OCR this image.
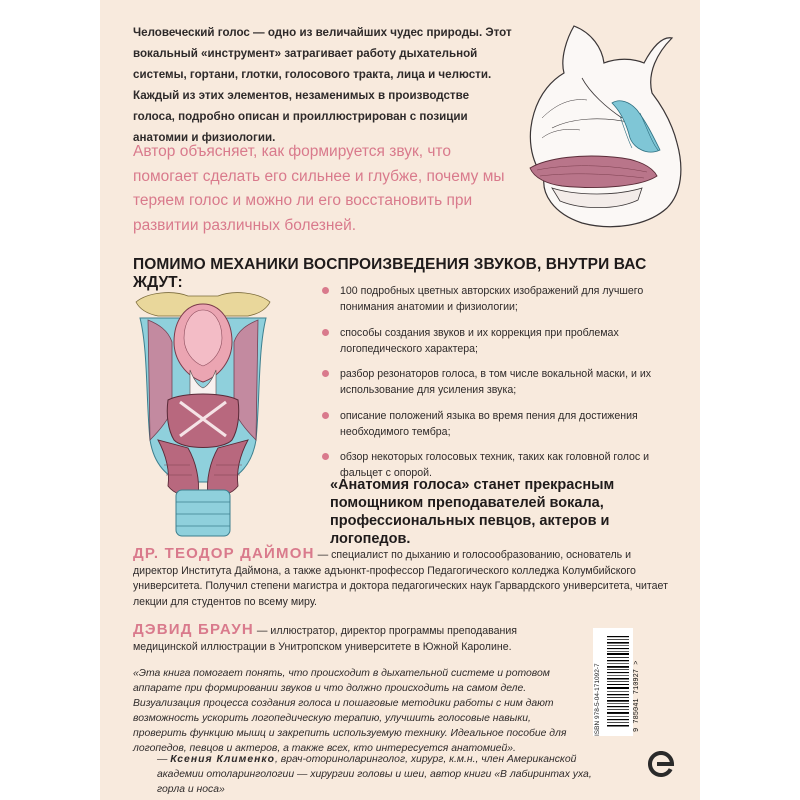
Человеческий голос — одно из величайших чудес природы. Этот вокальный «инструмент» затрагивает работу дыхательной системы, гортани, глотки, голосового тракта, лица и челюсти. Каждый из этих элементов, незаменимых в производстве голоса, подробно описан и проиллюстрирован с позиции анатомии и физиологии.
Автор объясняет, как формируется звук, что помогает сделать его сильнее и глубже, почему мы теряем голос и можно ли его восстановить при развитии различных болезней.
ПОМИМО МЕХАНИКИ ВОСПРОИЗВЕДЕНИЯ ЗВУКОВ, ВНУТРИ ВАС ЖДУТ:	100 подробных цветных авторских изображений для лучшего понимания анатомии и физиологии;
способы создания звуков и их коррекция при проблемах логопедического характера;
разбор резонаторов голоса, в том числе вокальной маски, и их использование для усиления звука;
описание положений языка во время пения для достижения необходимого тембра;
обзор некоторых голосовых техник, таких как головной голос и фальцет с опорой.
«Анатомия голоса» станет прекрасным помощником преподавателей вокала, профессиональных певцов, актеров и логопедов.
ДР. ТЕОДОР ДАЙМОН — специалист по дыханию и голосообразованию, основатель и директор Института Даймона, а также адъюнкт-профессор Педагогического колледжа Колумбийского университета. Получил степени магистра и доктора педагогических наук Гарвардского университета, читает лекции для студентов по всему миру.
ДЭВИД БРАУН — иллюстратор, директор программы преподавания медицинской иллюстрации в Унитропском университете в Южной Каролине.
«Эта книга помогает понять, что происходит в дыхательной системе и ротовом аппарате при формировании звуков и что должно происходить на самом деле. Визуализация процесса создания голоса и пошаговые методики работы с ним дают возможность ускорить логопедическую терапию, улучшить голосовые навыки, проверить функцию мышц и закрепить используемую технику. Идеальное пособие для логопедов, певцов и актеров, а также всех, кто интересуется анатомией».
— Ксения Клименко, врач-оториноларинголог, хирург, к.м.н., член Американской академии отоларингологии — хирургии головы и шеи, автор книги «В лабиринтах уха, горла и носа»
ISBN 978-5-04-171092-7	9 785041 710927 >
